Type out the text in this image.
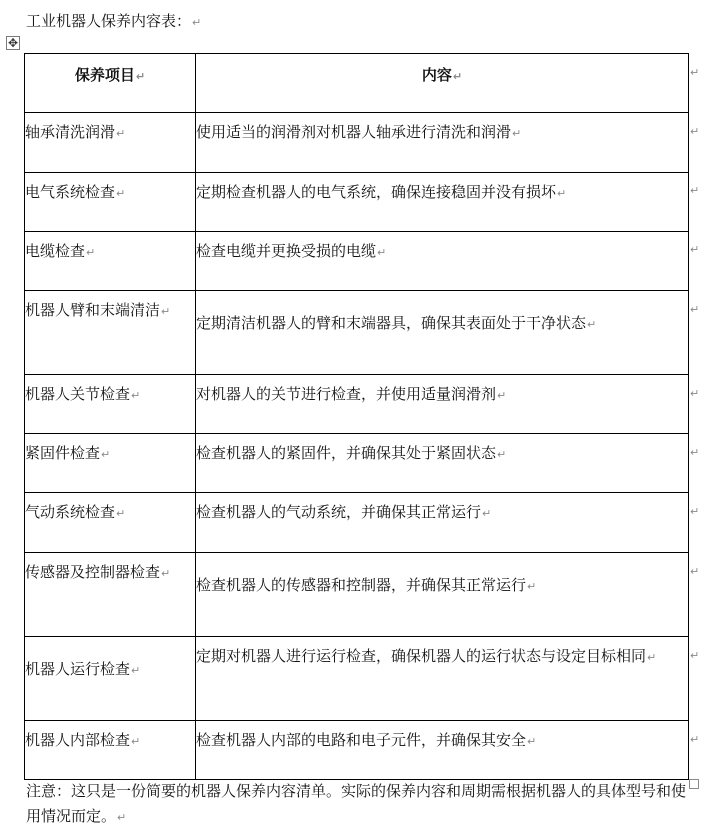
工业机器人保养内容表：↵
✥
保养项目↵	内容↵
轴承清洗润滑↵	使用适当的润滑剂对机器人轴承进行清洗和润滑↵
电气系统检查↵	定期检查机器人的电气系统，确保连接稳固并没有损坏↵
电缆检查↵	检查电缆并更换受损的电缆↵
机器人臂和末端清洁↵	定期清洁机器人的臂和末端器具，确保其表面处于干净状态↵
机器人关节检查↵	对机器人的关节进行检查，并使用适量润滑剂↵
紧固件检查↵	检查机器人的紧固件，并确保其处于紧固状态↵
气动系统检查↵	检查机器人的气动系统，并确保其正常运行↵
传感器及控制器检查↵	检查机器人的传感器和控制器，并确保其正常运行↵
机器人运行检查↵	定期对机器人进行运行检查，确保机器人的运行状态与设定目标相同↵
机器人内部检查↵	检查机器人内部的电路和电子元件，并确保其安全↵
↵
↵
↵
↵
↵
↵
↵
↵
↵
↵
↵
注意：这只是一份简要的机器人保养内容清单。实际的保养内容和周期需根据机器人的具体型号和使用情况而定。↵
